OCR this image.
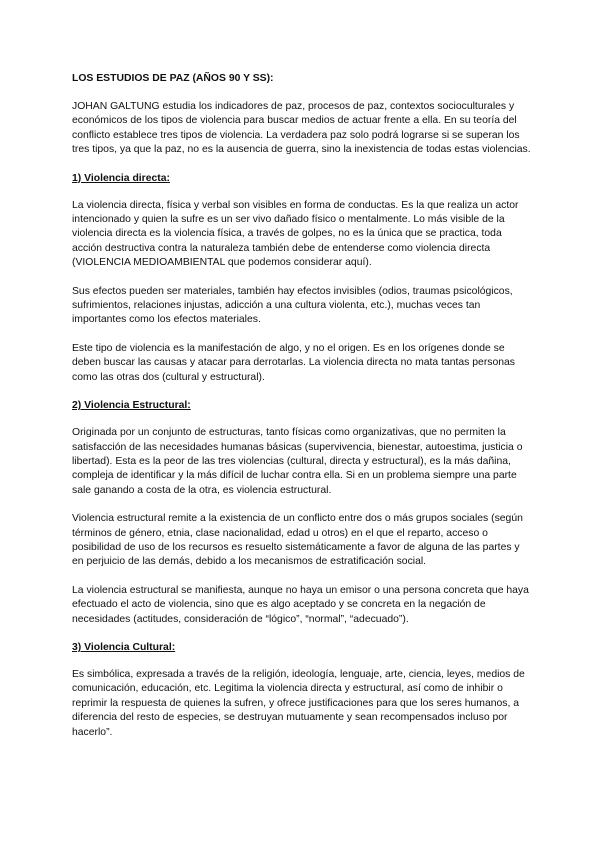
LOS ESTUDIOS DE PAZ (AÑOS 90 Y SS):

JOHAN GALTUNG estudia los indicadores de paz, procesos de paz, contextos socioculturales y económicos de los tipos de violencia para buscar medios de actuar frente a ella. En su teoría del conflicto establece tres tipos de violencia. La verdadera paz solo podrá lograrse si se superan los tres tipos, ya que la paz, no es la ausencia de guerra, sino la inexistencia de todas estas violencias.

1) Violencia directa:

La violencia directa, física y verbal son visibles en forma de conductas. Es la que realiza un actor intencionado y quien la sufre es un ser vivo dañado físico o mentalmente. Lo más visible de la violencia directa es la violencia física, a través de golpes, no es la única que se practica, toda acción destructiva contra la naturaleza también debe de entenderse como violencia directa (VIOLENCIA MEDIOAMBIENTAL que podemos considerar aquí).

Sus efectos pueden ser materiales, también hay efectos invisibles (odios, traumas psicológicos, sufrimientos, relaciones injustas, adicción a una cultura violenta, etc.), muchas veces tan importantes como los efectos materiales.

Este tipo de violencia es la manifestación de algo, y no el origen. Es en los orígenes donde se deben buscar las causas y atacar para derrotarlas. La violencia directa no mata tantas personas como las otras dos (cultural y estructural).

2) Violencia Estructural:

Originada por un conjunto de estructuras, tanto físicas como organizativas, que no permiten la satisfacción de las necesidades humanas básicas (supervivencia, bienestar, autoestima, justicia o libertad). Esta es la peor de las tres violencias (cultural, directa y estructural), es la más dañina, compleja de identificar y la más difícil de luchar contra ella. Si en un problema siempre una parte sale ganando a costa de la otra, es violencia estructural.

Violencia estructural remite a la existencia de un conflicto entre dos o más grupos sociales (según términos de género, etnia, clase nacionalidad, edad u otros) en el que el reparto, acceso o posibilidad de uso de los recursos es resuelto sistemáticamente a favor de alguna de las partes y en perjuicio de las demás, debido a los mecanismos de estratificación social.

La violencia estructural se manifiesta, aunque no haya un emisor o una persona concreta que haya efectuado el acto de violencia, sino que es algo aceptado y se concreta en la negación de necesidades (actitudes, consideración de “lógico”, “normal”, “adecuado”).

3) Violencia Cultural:

Es simbólica, expresada a través de la religión, ideología, lenguaje, arte, ciencia, leyes, medios de comunicación, educación, etc. Legitima la violencia directa y estructural, así como de inhibir o reprimir la respuesta de quienes la sufren, y ofrece justificaciones para que los seres humanos, a diferencia del resto de especies, se destruyan mutuamente y sean recompensados incluso por hacerlo”.
